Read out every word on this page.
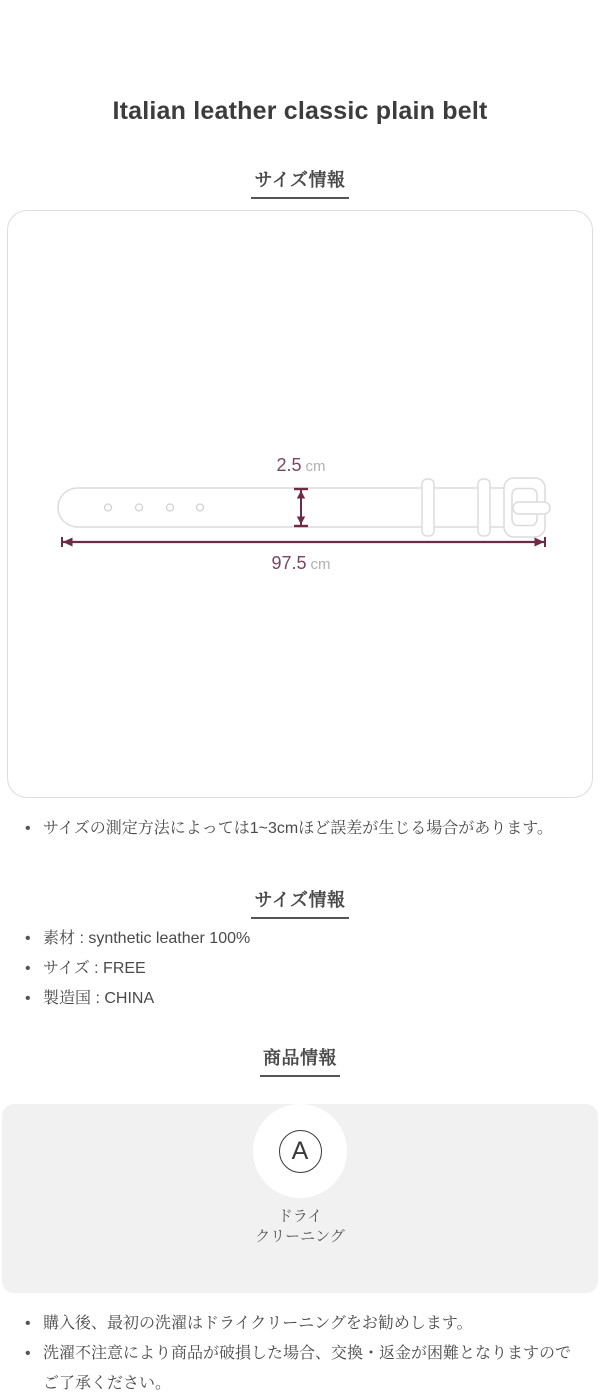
Italian leather classic plain belt
サイズ情報
2.5 cm
97.5 cm
• サイズの測定方法によっては1~3cmほど誤差が生じる場合があります。
サイズ情報
• 素材 : synthetic leather 100%
• サイズ : FREE
• 製造国 : CHINA
商品情報
A
ドライ
クリーニング
• 購入後、最初の洗濯はドライクリーニングをお勧めします。
• 洗濯不注意により商品が破損した場合、交換・返金が困難となりますのでご了承ください。
